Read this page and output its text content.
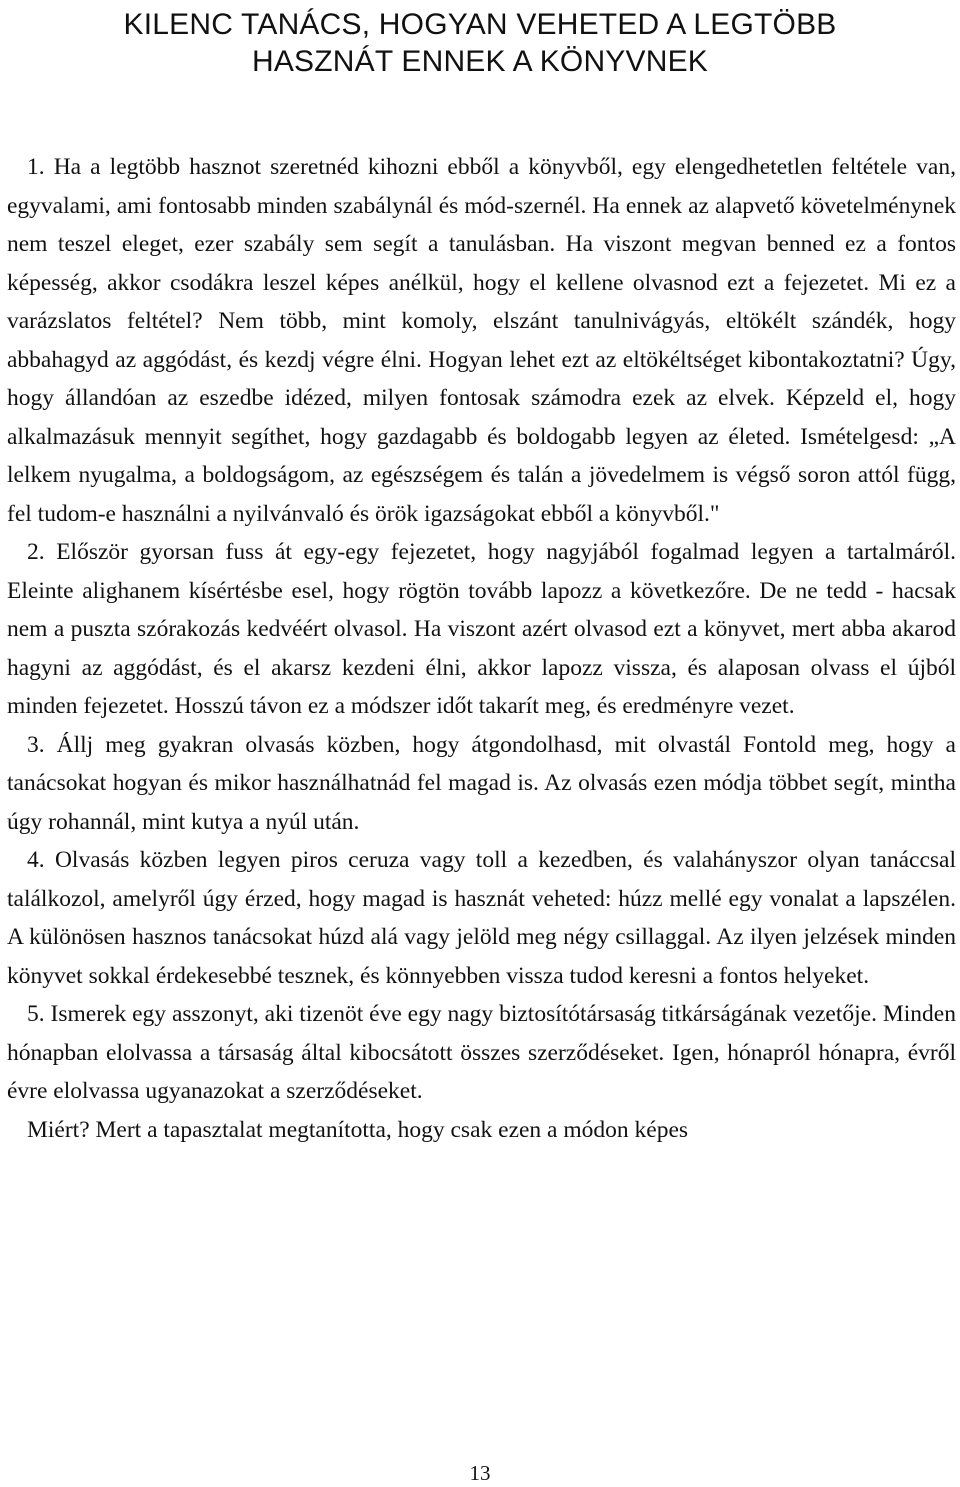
KILENC TANÁCS, HOGYAN VEHETED A LEGTÖBB
HASZNÁT ENNEK A KÖNYVNEK

1. Ha a legtöbb hasznot szeretnéd kihozni ebből a könyvből, egy elengedhetetlen feltétele van, egyvalami, ami fontosabb minden szabálynál és mód-szernél. Ha ennek az alapvető követelménynek nem teszel eleget, ezer szabály sem segít a tanulásban. Ha viszont megvan benned ez a fontos képesség, akkor csodákra leszel képes anélkül, hogy el kellene olvasnod ezt a fejezetet. Mi ez a varázslatos feltétel? Nem több, mint komoly, elszánt tanulnivágyás, eltökélt szándék, hogy abbahagyd az aggódást, és kezdj végre élni. Hogyan lehet ezt az eltökéltséget kibontakoztatni? Úgy, hogy állandóan az eszedbe idézed, milyen fontosak számodra ezek az elvek. Képzeld el, hogy alkalmazásuk mennyit segíthet, hogy gazdagabb és boldogabb legyen az életed. Ismételgesd: „A lelkem nyugalma, a boldogságom, az egészségem és talán a jövedelmem is végső soron attól függ, fel tudom-e használni a nyilvánvaló és örök igazságokat ebből a könyvből."

2. Először gyorsan fuss át egy-egy fejezetet, hogy nagyjából fogalmad legyen a tartalmáról. Eleinte alighanem kísértésbe esel, hogy rögtön tovább lapozz a következőre. De ne tedd - hacsak nem a puszta szórakozás kedvéért olvasol. Ha viszont azért olvasod ezt a könyvet, mert abba akarod hagyni az aggódást, és el akarsz kezdeni élni, akkor lapozz vissza, és alaposan olvass el újból minden fejezetet. Hosszú távon ez a módszer időt takarít meg, és eredményre vezet.

3. Állj meg gyakran olvasás közben, hogy átgondolhasd, mit olvastál Fontold meg, hogy a tanácsokat hogyan és mikor használhatnád fel magad is. Az olvasás ezen módja többet segít, mintha úgy rohannál, mint kutya a nyúl után.

4. Olvasás közben legyen piros ceruza vagy toll a kezedben, és valahányszor olyan tanáccsal találkozol, amelyről úgy érzed, hogy magad is hasznát veheted: húzz mellé egy vonalat a lapszélen. A különösen hasznos tanácsokat húzd alá vagy jelöld meg négy csillaggal. Az ilyen jelzések minden könyvet sokkal érdekesebbé tesznek, és könnyebben vissza tudod keresni a fontos helyeket.

5. Ismerek egy asszonyt, aki tizenöt éve egy nagy biztosítótársaság titkárságának vezetője. Minden hónapban elolvassa a társaság által kibocsátott összes szerződéseket. Igen, hónapról hónapra, évről évre elolvassa ugyanazokat a szerződéseket.

Miért? Mert a tapasztalat megtanította, hogy csak ezen a módon képes

13
